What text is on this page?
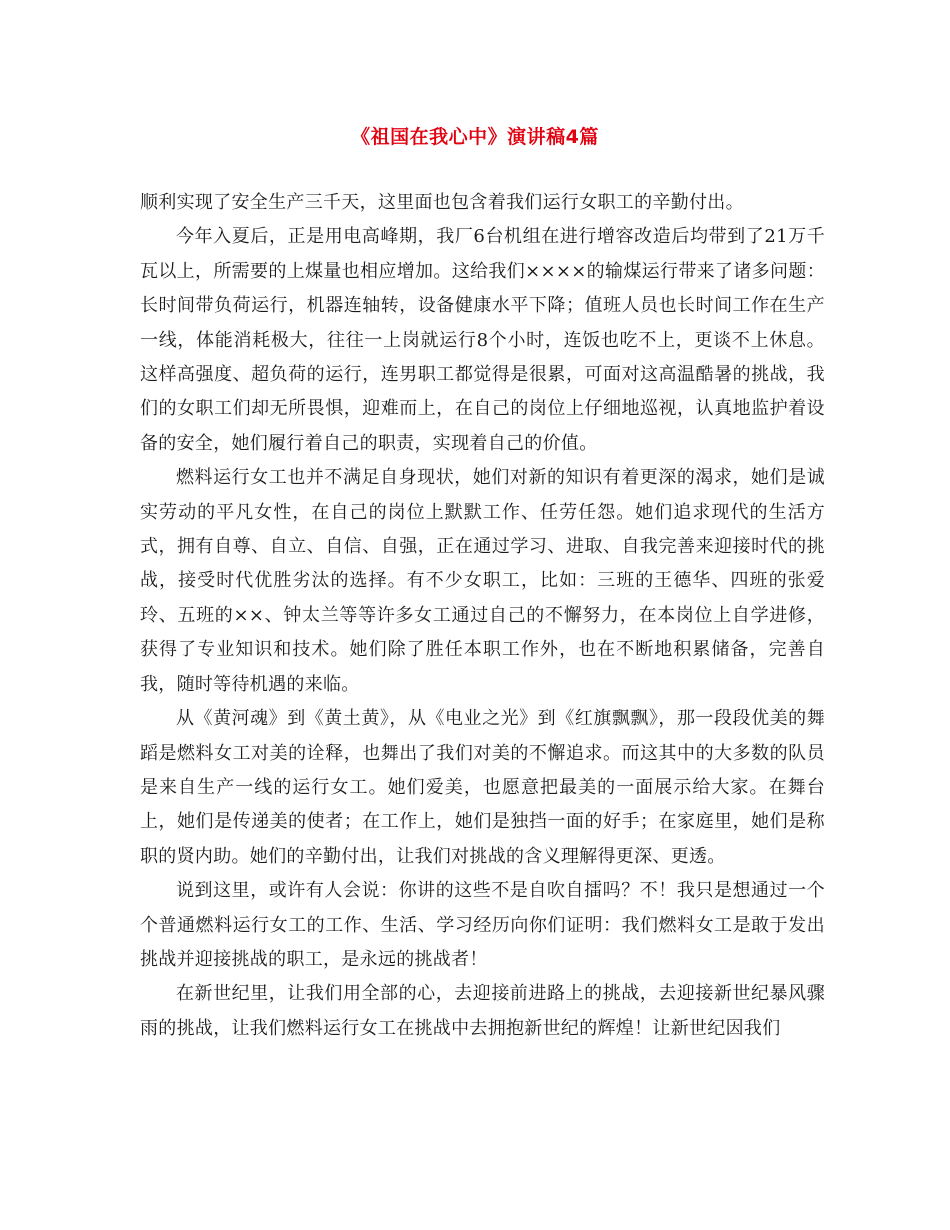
《祖国在我心中》演讲稿4篇

顺利实现了安全生产三千天，这里面也包含着我们运行女职工的辛勤付出。

今年入夏后，正是用电高峰期，我厂6台机组在进行增容改造后均带到了21万千瓦以上，所需要的上煤量也相应增加。这给我们××××的输煤运行带来了诸多问题：长时间带负荷运行，机器连轴转，设备健康水平下降；值班人员也长时间工作在生产一线，体能消耗极大，往往一上岗就运行8个小时，连饭也吃不上，更谈不上休息。这样高强度、超负荷的运行，连男职工都觉得是很累，可面对这高温酷暑的挑战，我们的女职工们却无所畏惧，迎难而上，在自己的岗位上仔细地巡视，认真地监护着设备的安全，她们履行着自己的职责，实现着自己的价值。

燃料运行女工也并不满足自身现状，她们对新的知识有着更深的渴求，她们是诚实劳动的平凡女性，在自己的岗位上默默工作、任劳任怨。她们追求现代的生活方式，拥有自尊、自立、自信、自强，正在通过学习、进取、自我完善来迎接时代的挑战，接受时代优胜劣汰的选择。有不少女职工，比如：三班的王德华、四班的张爱玲、五班的××、钟太兰等等许多女工通过自己的不懈努力，在本岗位上自学进修，获得了专业知识和技术。她们除了胜任本职工作外，也在不断地积累储备，完善自我，随时等待机遇的来临。

从《黄河魂》到《黄土黄》，从《电业之光》到《红旗飘飘》，那一段段优美的舞蹈是燃料女工对美的诠释，也舞出了我们对美的不懈追求。而这其中的大多数的队员是来自生产一线的运行女工。她们爱美，也愿意把最美的一面展示给大家。在舞台上，她们是传递美的使者；在工作上，她们是独挡一面的好手；在家庭里，她们是称职的贤内助。她们的辛勤付出，让我们对挑战的含义理解得更深、更透。

说到这里，或许有人会说：你讲的这些不是自吹自擂吗？不！我只是想通过一个个普通燃料运行女工的工作、生活、学习经历向你们证明：我们燃料女工是敢于发出挑战并迎接挑战的职工，是永远的挑战者！

在新世纪里，让我们用全部的心，去迎接前进路上的挑战，去迎接新世纪暴风骤雨的挑战，让我们燃料运行女工在挑战中去拥抱新世纪的辉煌！让新世纪因我们
